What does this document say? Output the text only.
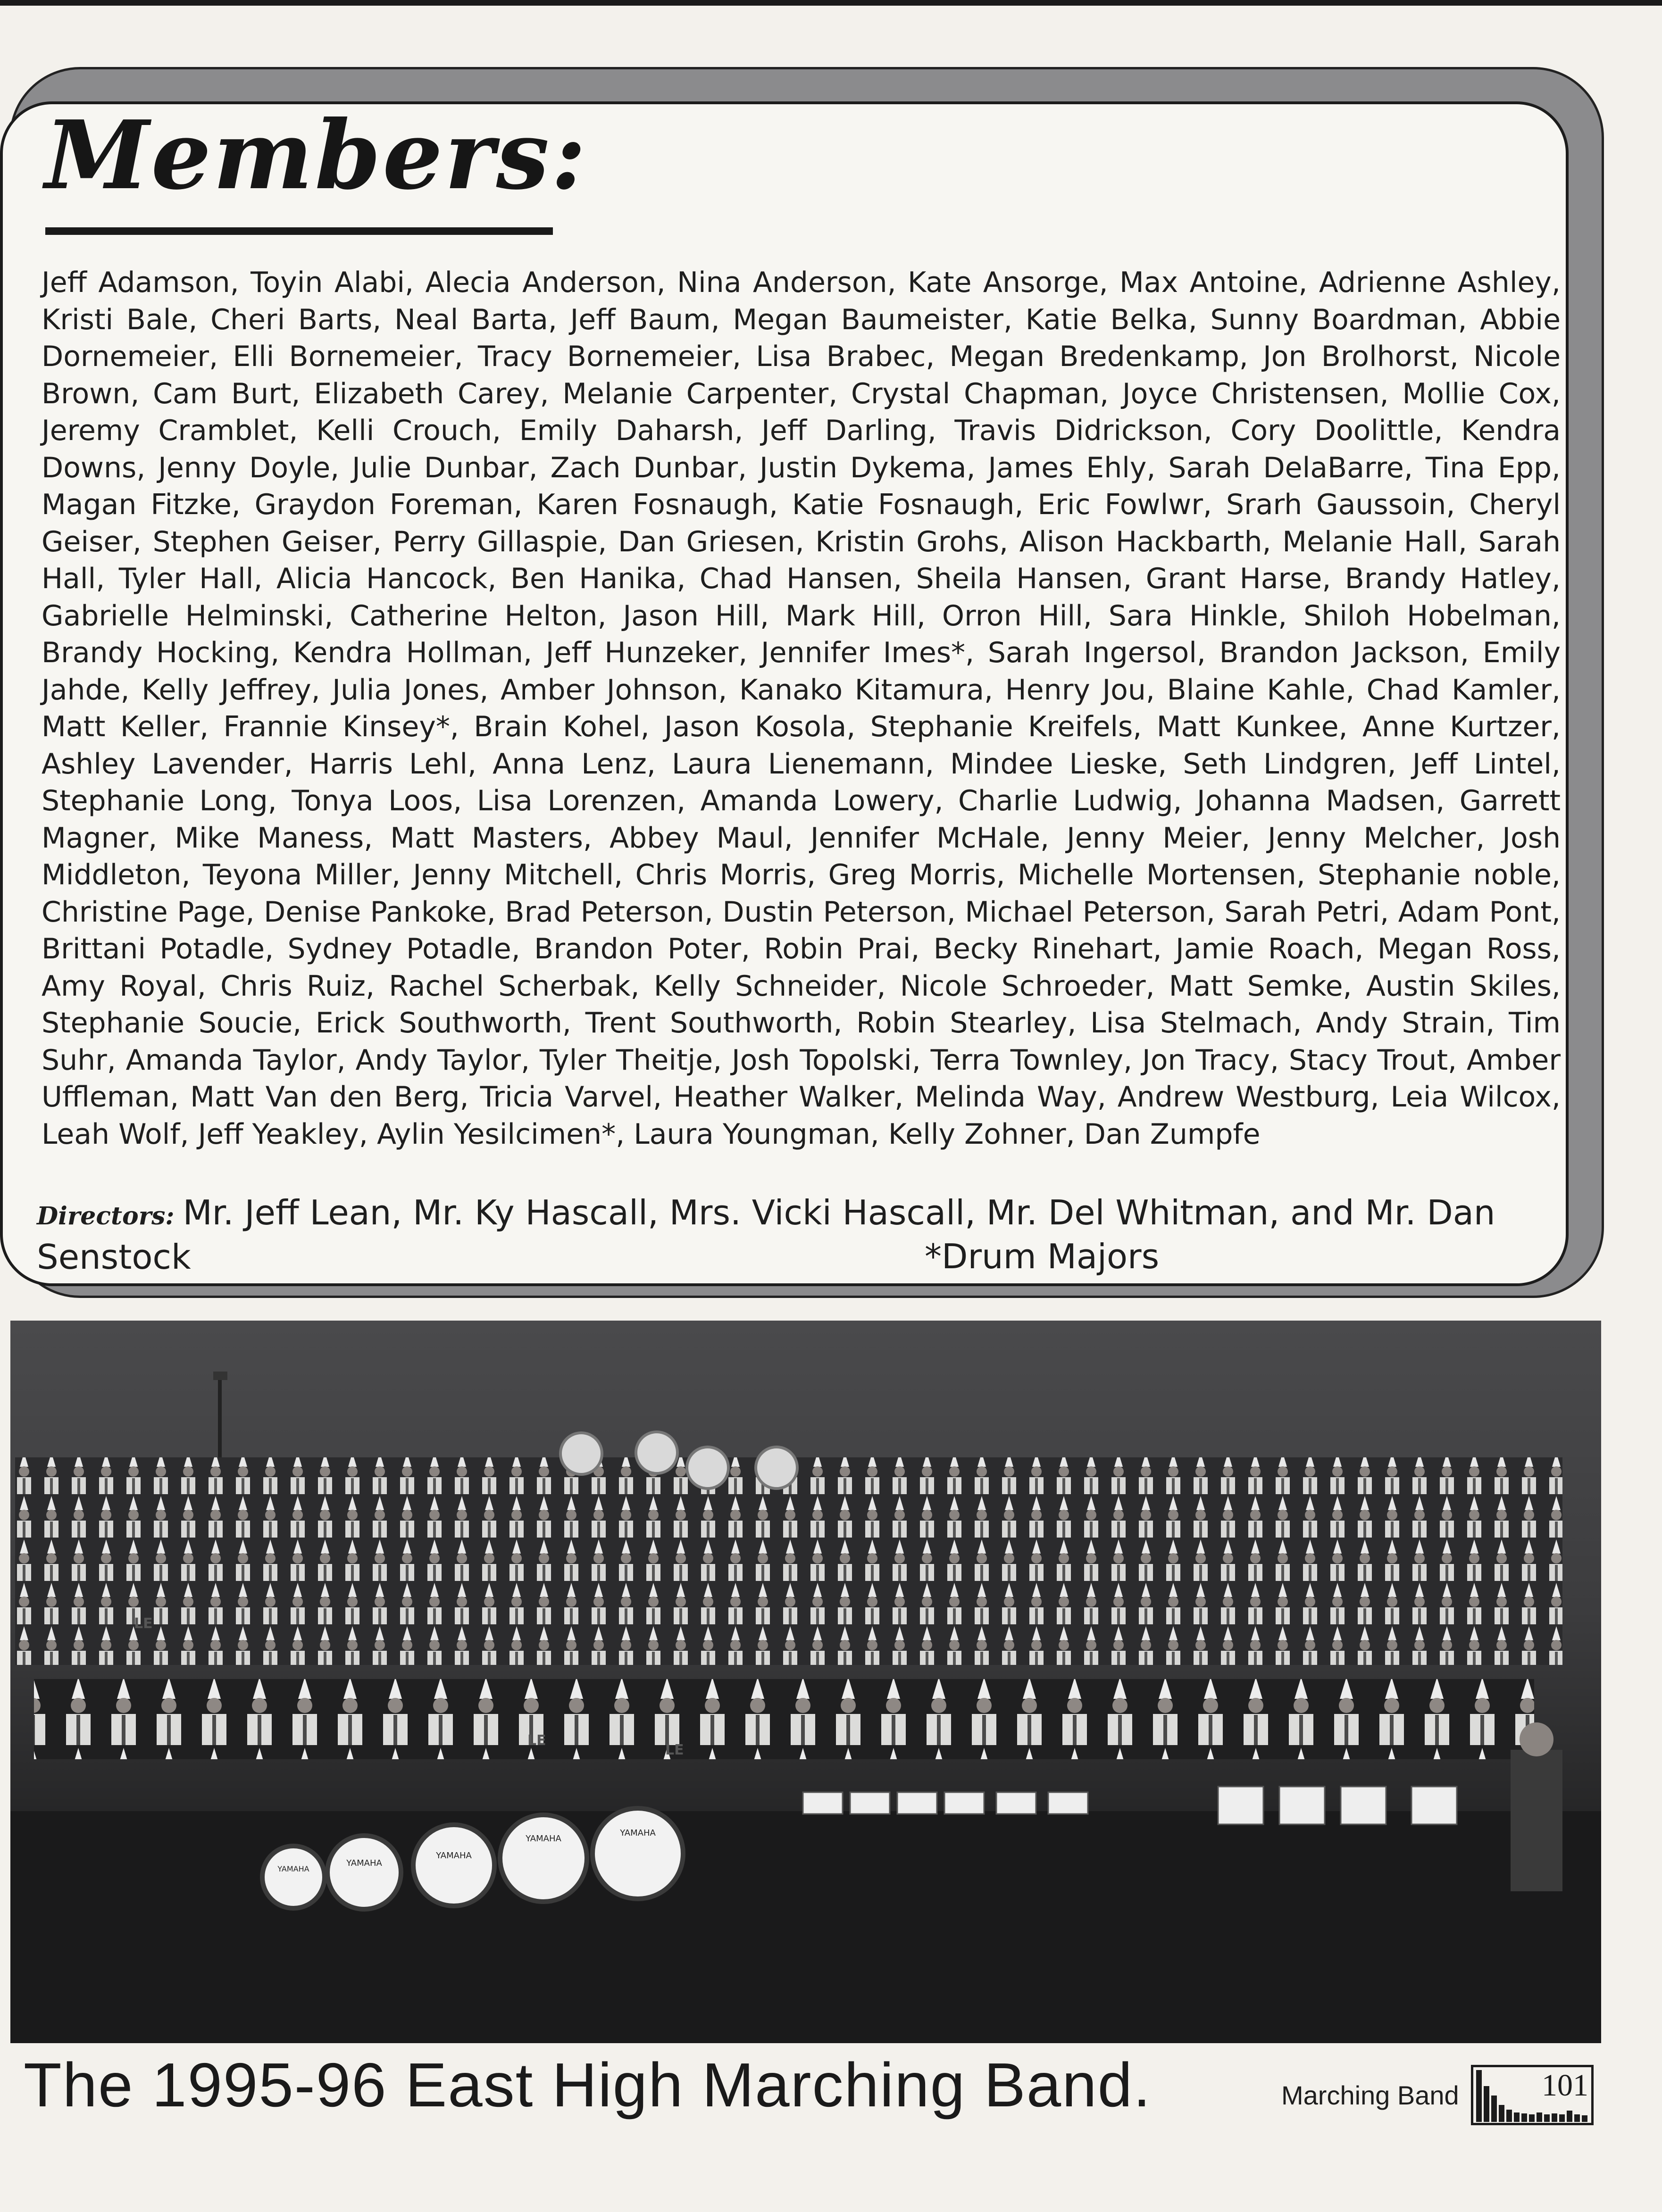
Members:
Jeff Adamson, Toyin Alabi, Alecia Anderson, Nina Anderson, Kate Ansorge, Max Antoine, Adrienne Ashley, Kristi Bale, Cheri Barts, Neal Barta, Jeff Baum, Megan Baumeister, Katie Belka, Sunny Boardman, Abbie Dornemeier, Elli Bornemeier, Tracy Bornemeier, Lisa Brabec, Megan Bredenkamp, Jon Brolhorst, Nicole Brown, Cam Burt, Elizabeth Carey, Melanie Carpenter, Crystal Chapman, Joyce Christensen, Mollie Cox, Jeremy Cramblet, Kelli Crouch, Emily Daharsh, Jeff Darling, Travis Didrickson, Cory Doolittle, Kendra Downs, Jenny Doyle, Julie Dunbar, Zach Dunbar, Justin Dykema, James Ehly, Sarah DelaBarre, Tina Epp, Magan Fitzke, Graydon Foreman, Karen Fosnaugh, Katie Fosnaugh, Eric Fowlwr, Srarh Gaussoin, Cheryl Geiser, Stephen Geiser, Perry Gillaspie, Dan Griesen, Kristin Grohs, Alison Hackbarth, Melanie Hall, Sarah Hall, Tyler Hall, Alicia Hancock, Ben Hanika, Chad Hansen, Sheila Hansen, Grant Harse, Brandy Hatley, Gabrielle Helminski, Catherine Helton, Jason Hill, Mark Hill, Orron Hill, Sara Hinkle, Shiloh Hobelman, Brandy Hocking, Kendra Hollman, Jeff Hunzeker, Jennifer Imes*, Sarah Ingersol, Brandon Jackson, Emily Jahde, Kelly Jeffrey, Julia Jones, Amber Johnson, Kanako Kitamura, Henry Jou, Blaine Kahle, Chad Kamler, Matt Keller, Frannie Kinsey*, Brain Kohel, Jason Kosola, Stephanie Kreifels, Matt Kunkee, Anne Kurtzer, Ashley Lavender, Harris Lehl, Anna Lenz, Laura Lienemann, Mindee Lieske, Seth Lindgren, Jeff Lintel, Stephanie Long, Tonya Loos, Lisa Lorenzen, Amanda Lowery, Charlie Ludwig, Johanna Madsen, Garrett Magner, Mike Maness, Matt Masters, Abbey Maul, Jennifer McHale, Jenny Meier, Jenny Melcher, Josh Middleton, Teyona Miller, Jenny Mitchell, Chris Morris, Greg Morris, Michelle Mortensen, Stephanie noble, Christine Page, Denise Pankoke, Brad Peterson, Dustin Peterson, Michael Peterson, Sarah Petri, Adam Pont, Brittani Potadle, Sydney Potadle, Brandon Poter, Robin Prai, Becky Rinehart, Jamie Roach, Megan Ross, Amy Royal, Chris Ruiz, Rachel Scherbak, Kelly Schneider, Nicole Schroeder, Matt Semke, Austin Skiles, Stephanie Soucie, Erick Southworth, Trent Southworth, Robin Stearley, Lisa Stelmach, Andy Strain, Tim Suhr, Amanda Taylor, Andy Taylor, Tyler Theitje, Josh Topolski, Terra Townley, Jon Tracy, Stacy Trout, Amber Uffleman, Matt Van den Berg, Tricia Varvel, Heather Walker, Melinda Way, Andrew Westburg, Leia Wilcox, Leah Wolf, Jeff Yeakley, Aylin Yesilcimen*, Laura Youngman, Kelly Zohner, Dan Zumpfe
Directors: Mr. Jeff Lean, Mr. Ky Hascall, Mrs. Vicki Hascall, Mr. Del Whitman, and Mr. Dan Senstock	*Drum Majors
YAMAHA
YAMAHA
YAMAHA
YAMAHA
YAMAHA
LE
LE
LE
The 1995-96 East High Marching Band.	Marching Band	101
